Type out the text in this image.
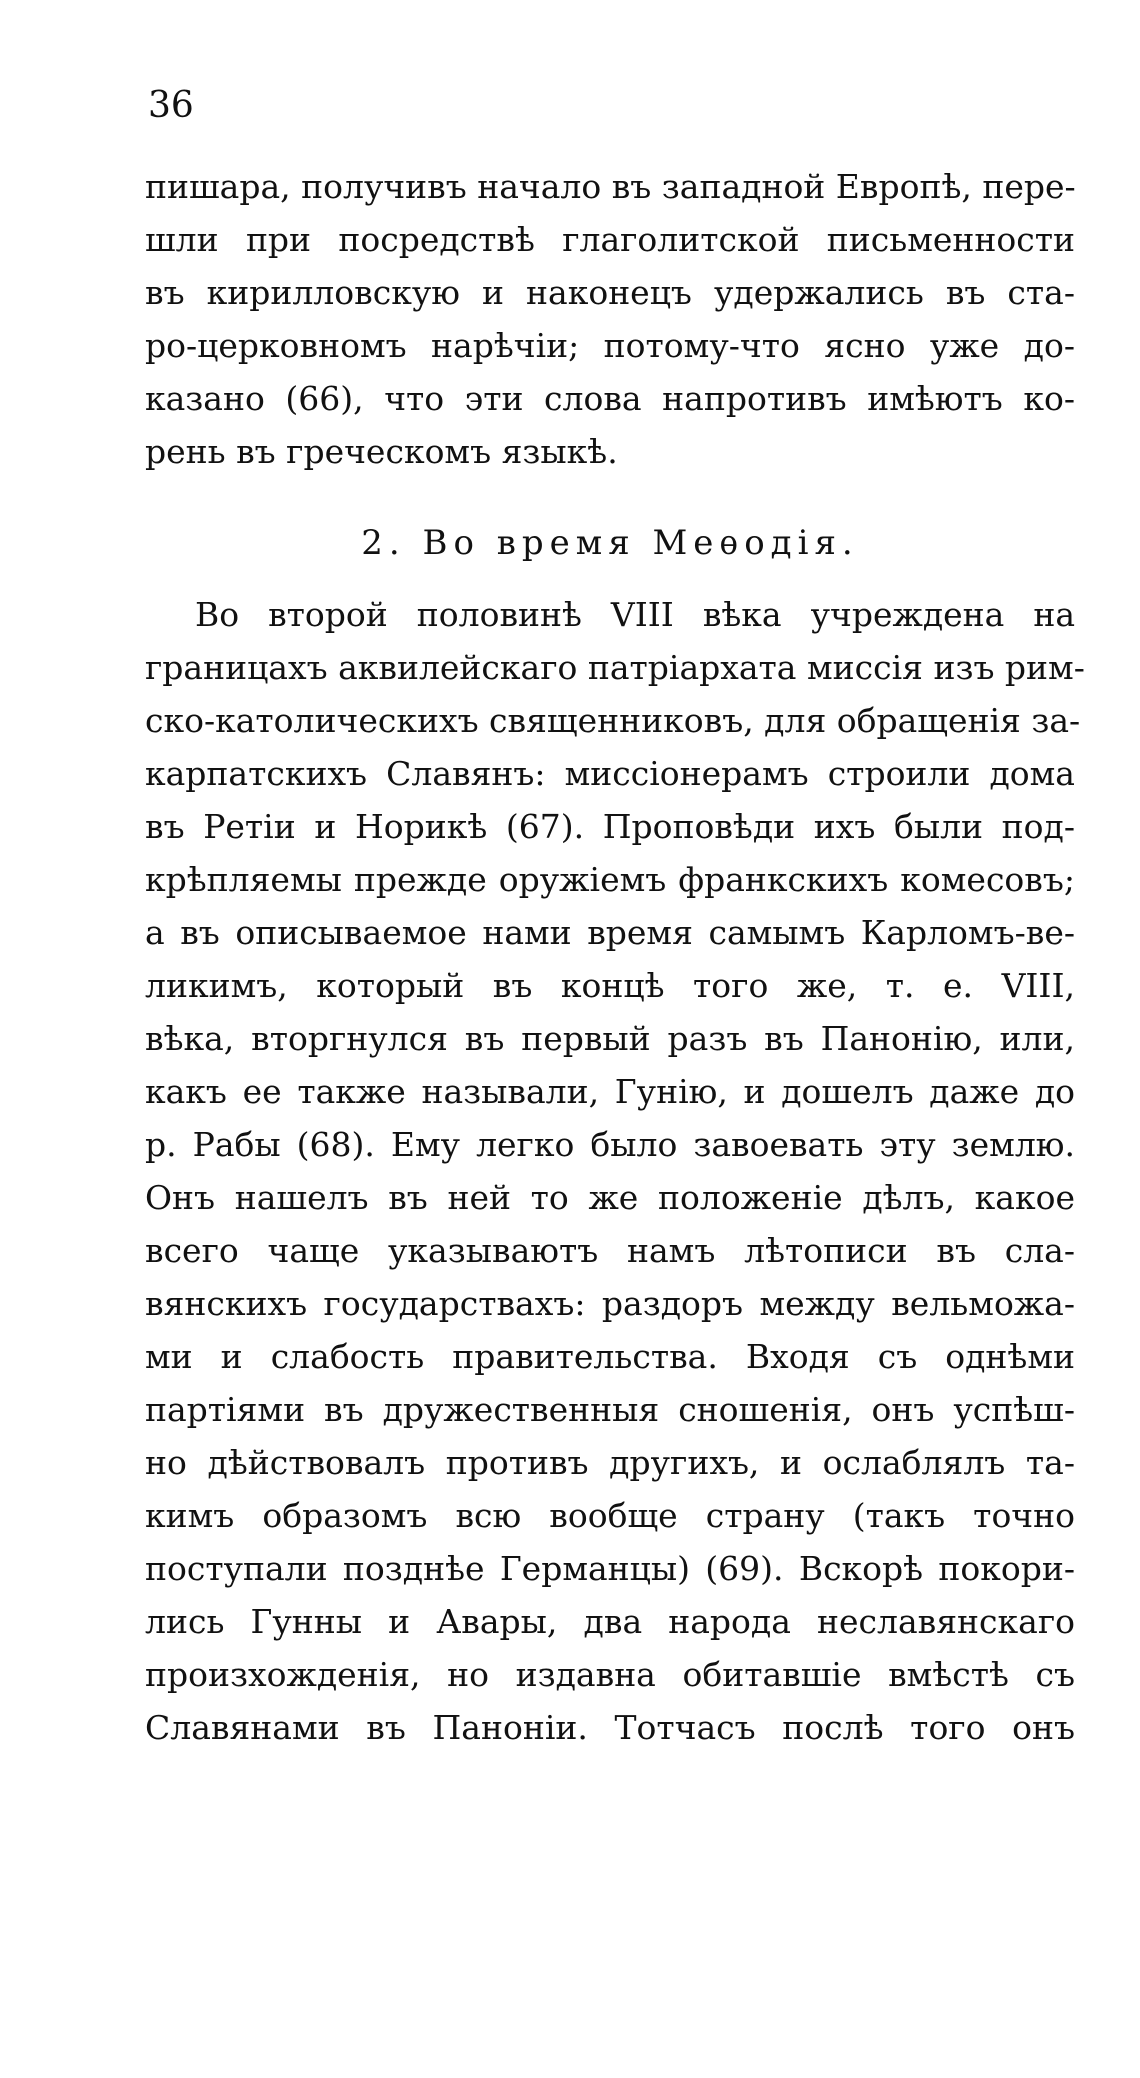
36
пишара, получивъ начало въ западной Европѣ, пере-
шли при посредствѣ глаголитской письменности
въ кирилловскую и наконецъ удержались въ ста-
ро-церковномъ нарѣчіи; потому-что ясно уже до-
казано (66), что эти слова напротивъ имѣютъ ко-
рень въ греческомъ языкѣ.
2. Во время Меѳодія.
Во второй половинѣ VIII вѣка учреждена на
границахъ аквилейскаго патріархата миссія изъ рим-
ско-католическихъ священниковъ, для обращенія за-
карпатскихъ Славянъ: миссіонерамъ строили дома
въ Ретіи и Норикѣ (67). Проповѣди ихъ были под-
крѣпляемы прежде оружіемъ франкскихъ комесовъ;
а въ описываемое нами время самымъ Карломъ-ве-
ликимъ, который въ концѣ того же, т. е. VIII,
вѣка, вторгнулся въ первый разъ въ Панонію, или,
какъ ее также называли, Гунію, и дошелъ даже до
р. Рабы (68). Ему легко было завоевать эту землю.
Онъ нашелъ въ ней то же положеніе дѣлъ, какое
всего чаще указываютъ намъ лѣтописи въ сла-
вянскихъ государствахъ: раздоръ между вельможа-
ми и слабость правительства. Входя съ однѣми
партіями въ дружественныя сношенія, онъ успѣш-
но дѣйствовалъ противъ другихъ, и ослаблялъ та-
кимъ образомъ всю вообще страну (такъ точно
поступали позднѣе Германцы) (69). Вскорѣ покори-
лись Гунны и Авары, два народа неславянскаго
произхожденія, но издавна обитавшіе вмѣстѣ съ
Славянами въ Панонiи. Тотчасъ послѣ того онъ
